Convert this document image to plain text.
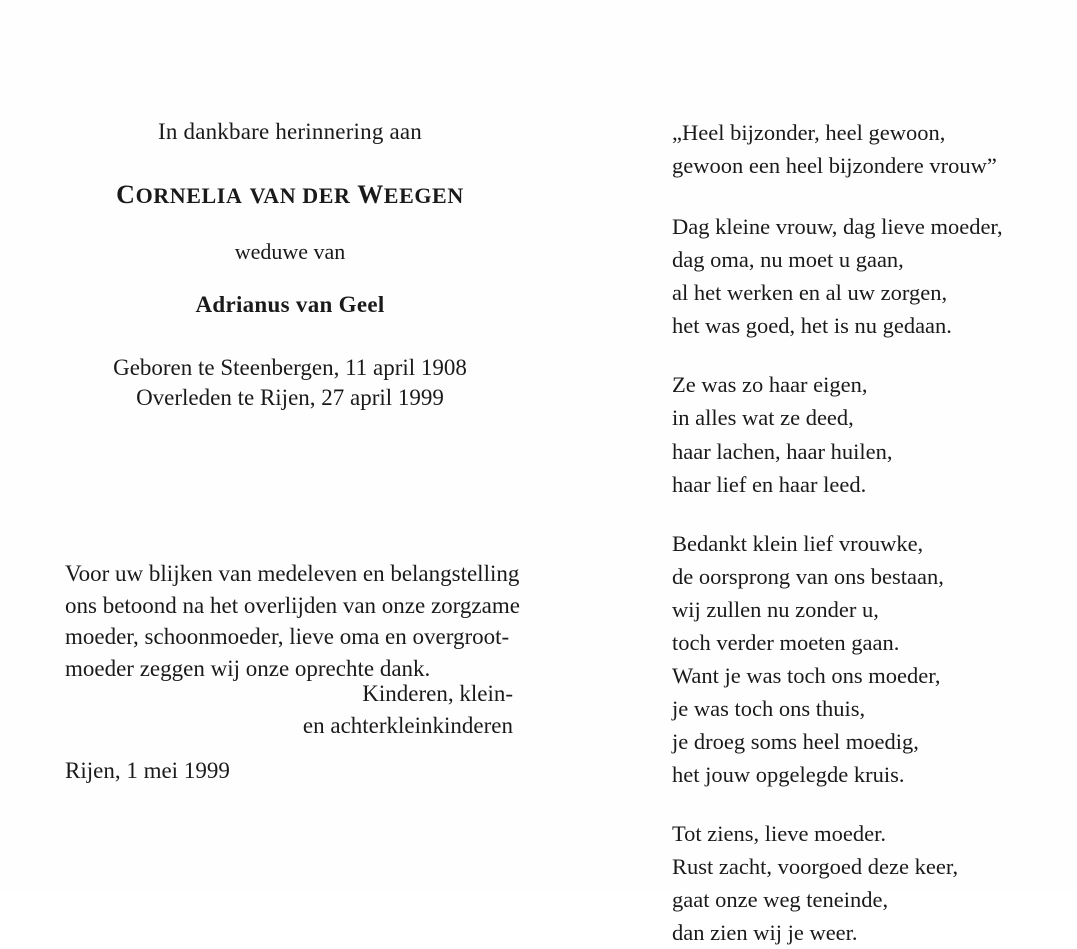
In dankbare herinnering aan
CORNELIA VAN DER WEEGEN
weduwe van
Adrianus van Geel
Geboren te Steenbergen, 11 april 1908
Overleden te Rijen, 27 april 1999
Voor uw blijken van medeleven en belangstelling
ons betoond na het overlijden van onze zorgzame
moeder, schoonmoeder, lieve oma en overgroot-
moeder zeggen wij onze oprechte dank.
Kinderen, klein-
en achterkleinkinderen
Rijen, 1 mei 1999
„Heel bijzonder, heel gewoon,
gewoon een heel bijzondere vrouw”
Dag kleine vrouw, dag lieve moeder,
dag oma, nu moet u gaan,
al het werken en al uw zorgen,
het was goed, het is nu gedaan.
Ze was zo haar eigen,
in alles wat ze deed,
haar lachen, haar huilen,
haar lief en haar leed.
Bedankt klein lief vrouwke,
de oorsprong van ons bestaan,
wij zullen nu zonder u,
toch verder moeten gaan.
Want je was toch ons moeder,
je was toch ons thuis,
je droeg soms heel moedig,
het jouw opgelegde kruis.
Tot ziens, lieve moeder.
Rust zacht, voorgoed deze keer,
gaat onze weg teneinde,
dan zien wij je weer.
